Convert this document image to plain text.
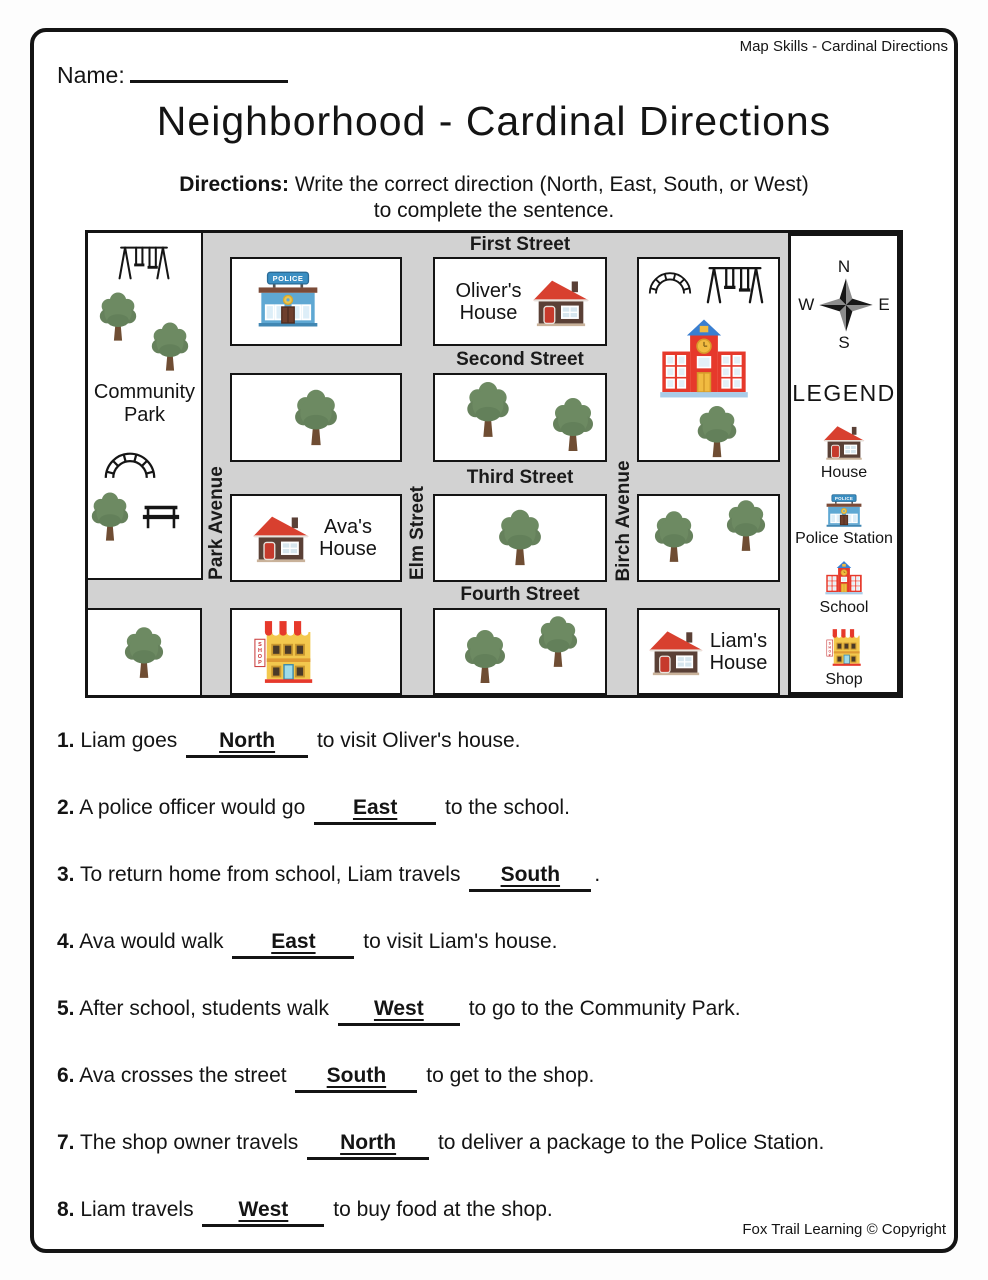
Map Skills - Cardinal Directions
Name:
Neighborhood - Cardinal Directions
Directions: Write the correct direction (North, East, South, or West)
to complete the sentence.
Community Park
First Street
Second Street
Third Street
Fourth Street
Park Avenue	Elm Street	Birch Avenue
Oliver's House
Ava's House
Liam's House
N
W	E
S
LEGEND
House
Police Station
School
Shop
1. Liam goes North to visit Oliver's house.
2. A police officer would go East to the school.
3. To return home from school, Liam travels South .
4. Ava would walk East to visit Liam's house.
5. After school, students walk West to go to the Community Park.
6. Ava crosses the street South to get to the shop.
7. The shop owner travels North to deliver a package to the Police Station.
8. Liam travels West to buy food at the shop.
Fox Trail Learning © Copyright
